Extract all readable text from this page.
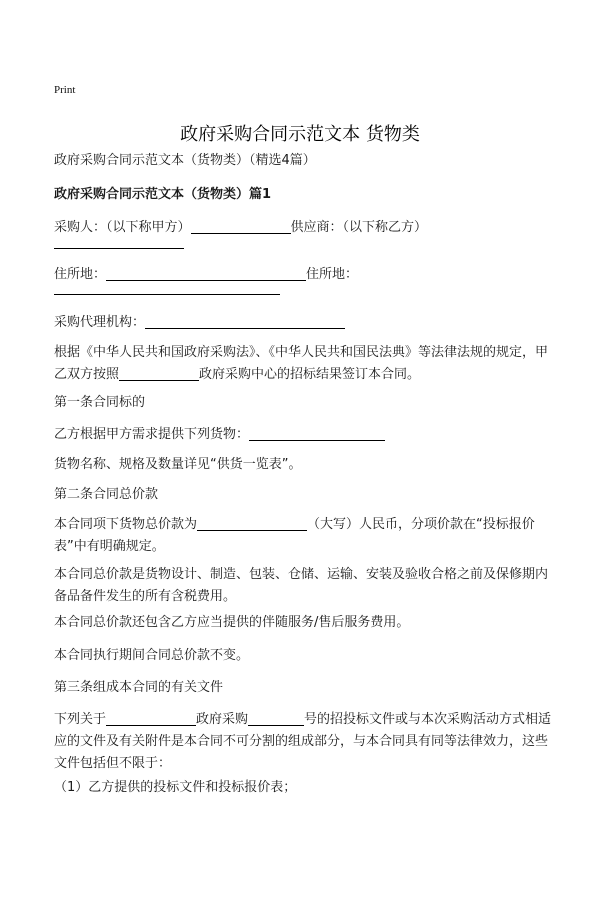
Print
政府采购合同示范文本 货物类
政府采购合同示范文本（货物类）（精选4篇）
政府采购合同示范文本（货物类）篇1
采购人：（以下称甲方）	供应商：（以下称乙方）
住所地：	住所地：
采购代理机构：
根据《中华人民共和国政府采购法》、《中华人民共和国民法典》等法律法规的规定，甲乙双方按照	政府采购中心的招标结果签订本合同。
第一条合同标的
乙方根据甲方需求提供下列货物：
货物名称、规格及数量详见“供货一览表”。
第二条合同总价款
本合同项下货物总价款为	（大写）人民币，分项价款在“投标报价表”中有明确规定。
本合同总价款是货物设计、制造、包装、仓储、运输、安装及验收合格之前及保修期内备品备件发生的所有含税费用。
本合同总价款还包含乙方应当提供的伴随服务/售后服务费用。
本合同执行期间合同总价款不变。
第三条组成本合同的有关文件
下列关于	政府采购	号的招投标文件或与本次采购活动方式相适应的文件及有关附件是本合同不可分割的组成部分，与本合同具有同等法律效力，这些文件包括但不限于：
（1）乙方提供的投标文件和投标报价表；
